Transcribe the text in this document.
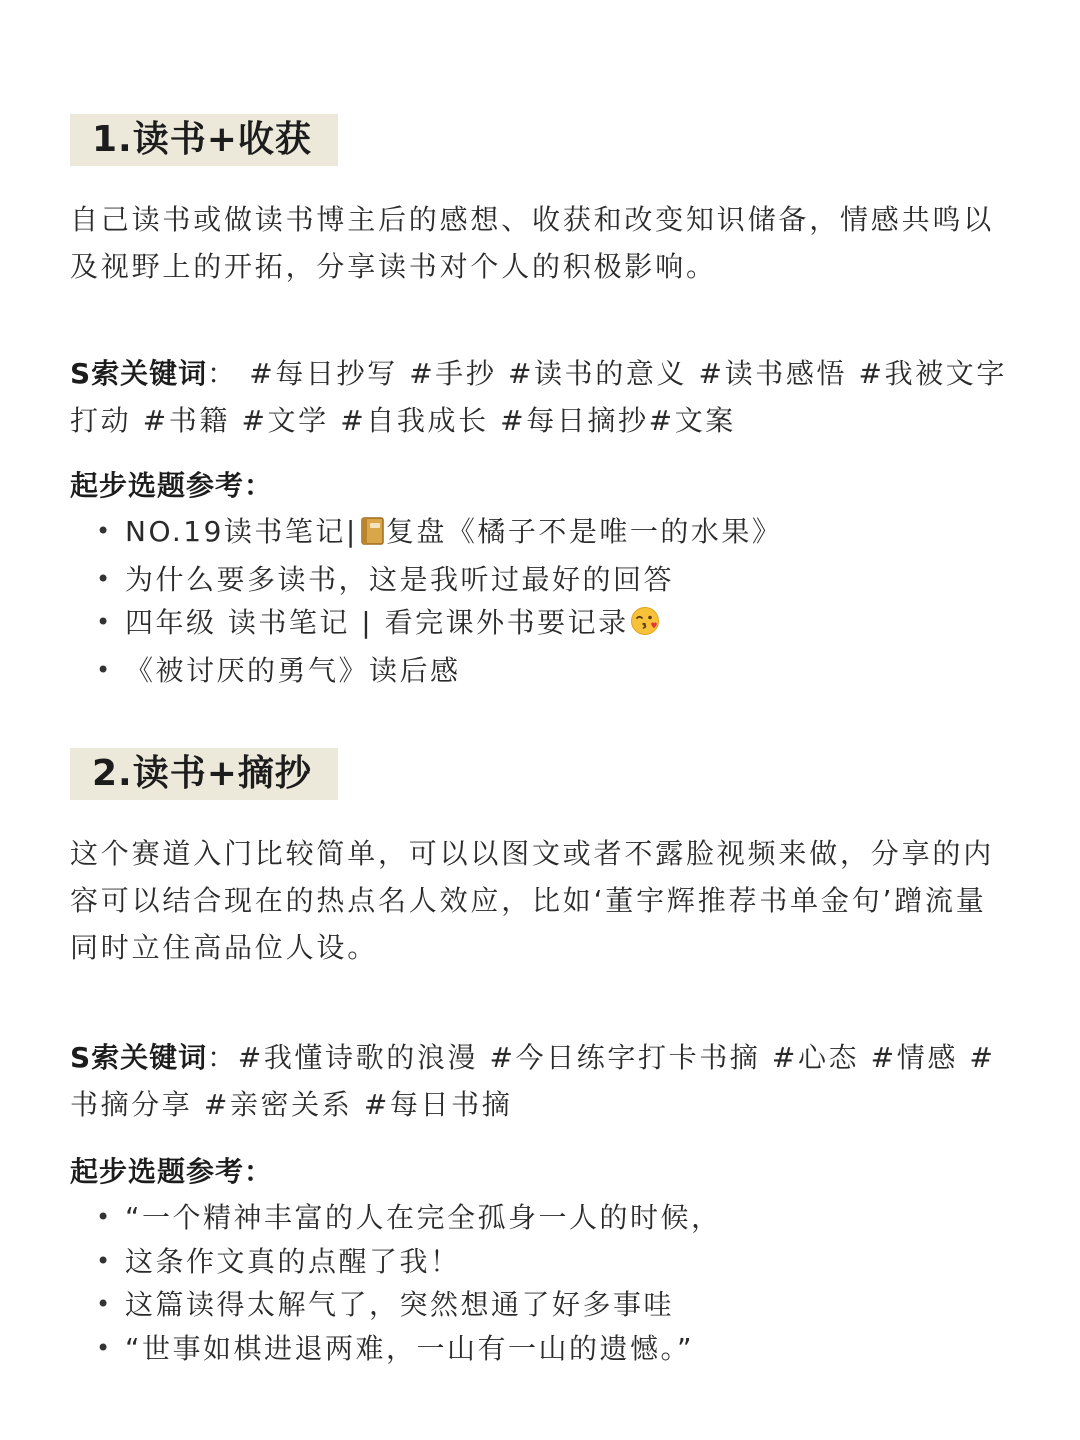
1.读书+收获

自己读书或做读书博主后的感想、收获和改变知识储备，情感共鸣以及视野上的开拓，分享读书对个人的积极影响。

S索关键词： #每日抄写 #手抄 #读书的意义 #读书感悟 #我被文字打动 #书籍 #文学 #自我成长 #每日摘抄#文案

起步选题参考：

• NO.19读书笔记| 复盘《橘子不是唯一的水果》
• 为什么要多读书，这是我听过最好的回答
• 四年级 读书笔记 | 看完课外书要记录
• 《被讨厌的勇气》读后感
2.读书+摘抄

这个赛道入门比较简单，可以以图文或者不露脸视频来做，分享的内容可以结合现在的热点名人效应，比如‘董宇辉推荐书单金句’蹭流量同时立住高品位人设。

S索关键词：#我懂诗歌的浪漫 #今日练字打卡书摘 #心态 #情感 #书摘分享 #亲密关系 #每日书摘

起步选题参考：

• “一个精神丰富的人在完全孤身一人的时候，
• 这条作文真的点醒了我！
• 这篇读得太解气了，突然想通了好多事哇
• “世事如棋进退两难，一山有一山的遗憾。”
